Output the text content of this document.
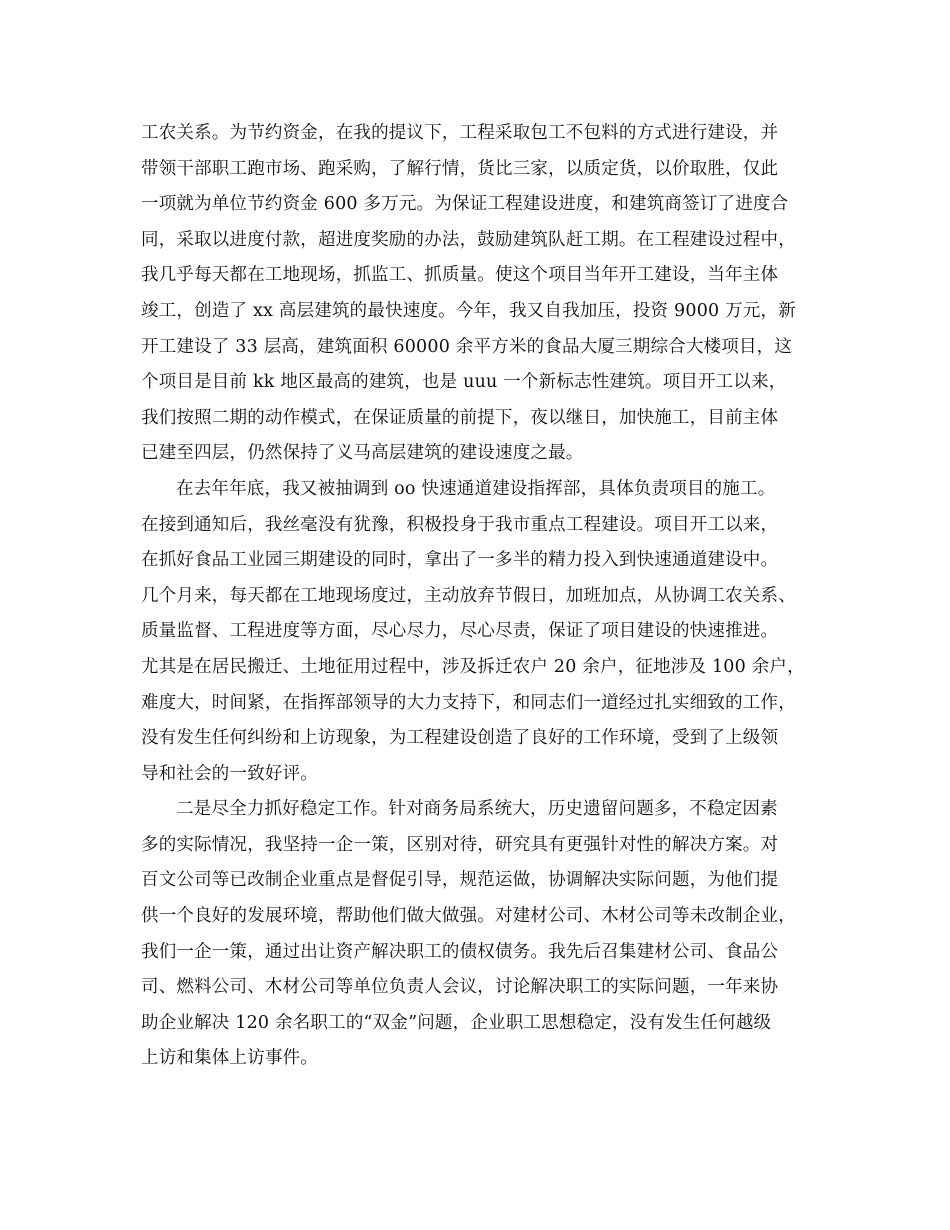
工农关系。为节约资金，在我的提议下，工程采取包工不包料的方式进行建设，并
带领干部职工跑市场、跑采购，了解行情，货比三家，以质定货，以价取胜，仅此
一项就为单位节约资金 600 多万元。为保证工程建设进度，和建筑商签订了进度合
同，采取以进度付款，超进度奖励的办法，鼓励建筑队赶工期。在工程建设过程中，
我几乎每天都在工地现场，抓监工、抓质量。使这个项目当年开工建设，当年主体
竣工，创造了 xx 高层建筑的最快速度。今年，我又自我加压，投资 9000 万元，新
开工建设了 33 层高，建筑面积 60000 余平方米的食品大厦三期综合大楼项目，这
个项目是目前 kk 地区最高的建筑，也是 uuu 一个新标志性建筑。项目开工以来，
我们按照二期的动作模式，在保证质量的前提下，夜以继日，加快施工，目前主体
已建至四层，仍然保持了义马高层建筑的建设速度之最。
在去年年底，我又被抽调到 oo 快速通道建设指挥部，具体负责项目的施工。
在接到通知后，我丝毫没有犹豫，积极投身于我市重点工程建设。项目开工以来，
在抓好食品工业园三期建设的同时，拿出了一多半的精力投入到快速通道建设中。
几个月来，每天都在工地现场度过，主动放弃节假日，加班加点，从协调工农关系、
质量监督、工程进度等方面，尽心尽力，尽心尽责，保证了项目建设的快速推进。
尤其是在居民搬迁、土地征用过程中，涉及拆迁农户 20 余户，征地涉及 100 余户，
难度大，时间紧，在指挥部领导的大力支持下，和同志们一道经过扎实细致的工作，
没有发生任何纠纷和上访现象，为工程建设创造了良好的工作环境，受到了上级领
导和社会的一致好评。
二是尽全力抓好稳定工作。针对商务局系统大，历史遗留问题多，不稳定因素
多的实际情况，我坚持一企一策，区别对待，研究具有更强针对性的解决方案。对
百文公司等已改制企业重点是督促引导，规范运做，协调解决实际问题，为他们提
供一个良好的发展环境，帮助他们做大做强。对建材公司、木材公司等未改制企业，
我们一企一策，通过出让资产解决职工的债权债务。我先后召集建材公司、食品公
司、燃料公司、木材公司等单位负责人会议，讨论解决职工的实际问题，一年来协
助企业解决 120 余名职工的“双金”问题，企业职工思想稳定，没有发生任何越级
上访和集体上访事件。
